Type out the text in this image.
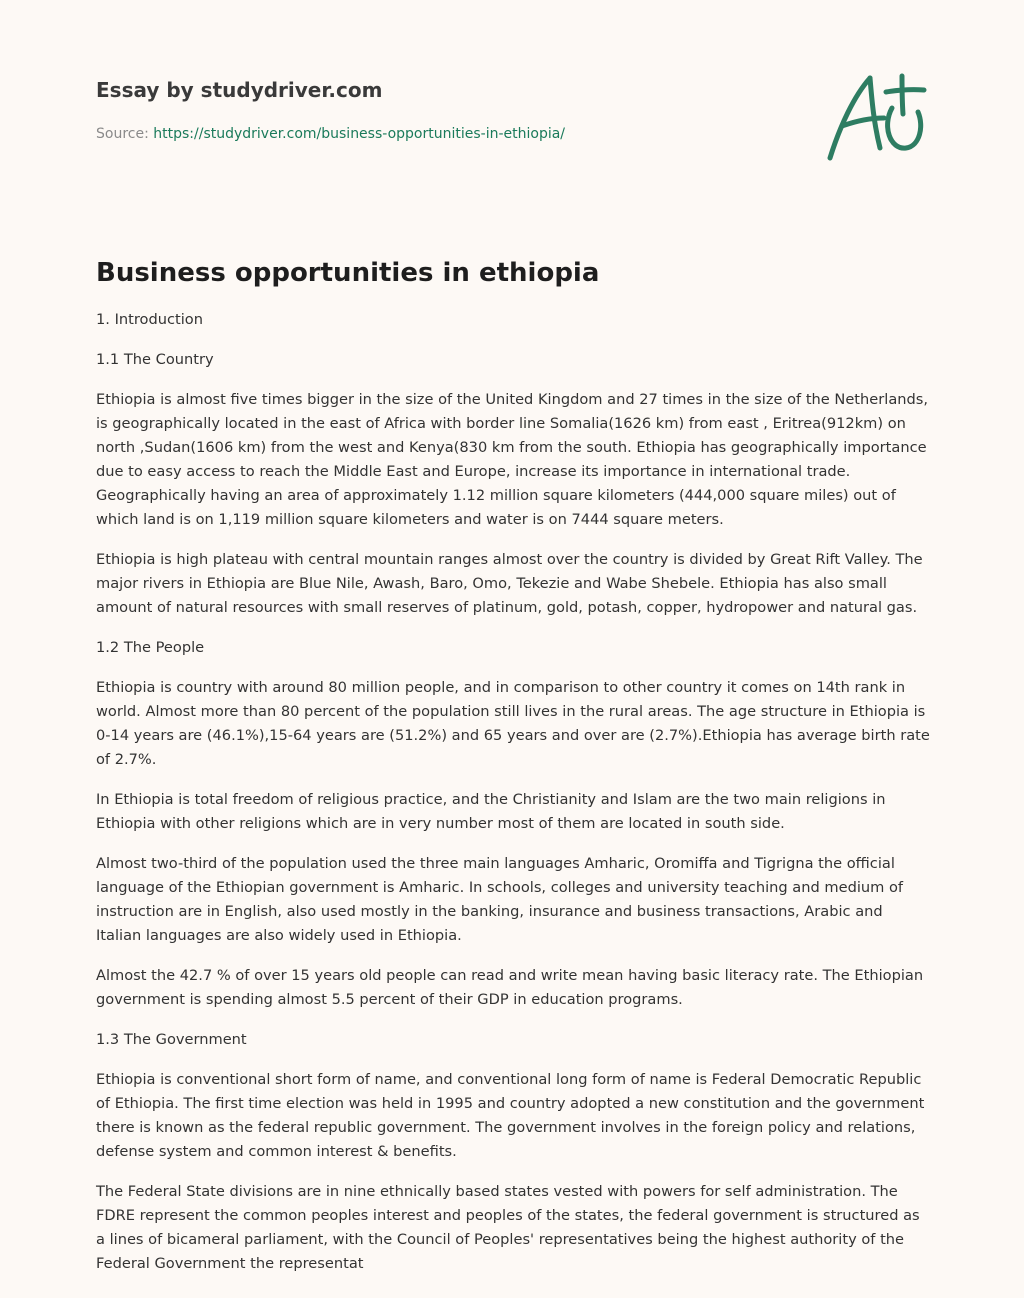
Essay by studydriver.com

Source: https://studydriver.com/business-opportunities-in-ethiopia/
Business opportunities in ethiopia

1. Introduction

1.1 The Country

Ethiopia is almost five times bigger in the size of the United Kingdom and 27 times in the size of the Netherlands, is geographically located in the east of Africa with border line Somalia(1626 km) from east , Eritrea(912km) on north ,Sudan(1606 km) from the west and Kenya(830 km from the south. Ethiopia has geographically importance due to easy access to reach the Middle East and Europe, increase its importance in international trade. Geographically having an area of approximately 1.12 million square kilometers (444,000 square miles) out of which land is on 1,119 million square kilometers and water is on 7444 square meters.

Ethiopia is high plateau with central mountain ranges almost over the country is divided by Great Rift Valley. The major rivers in Ethiopia are Blue Nile, Awash, Baro, Omo, Tekezie and Wabe Shebele. Ethiopia has also small amount of natural resources with small reserves of platinum, gold, potash, copper, hydropower and natural gas.

1.2 The People

Ethiopia is country with around 80 million people, and in comparison to other country it comes on 14th rank in world. Almost more than 80 percent of the population still lives in the rural areas. The age structure in Ethiopia is 0-14 years are (46.1%),15-64 years are (51.2%) and 65 years and over are (2.7%).Ethiopia has average birth rate of 2.7%.

In Ethiopia is total freedom of religious practice, and the Christianity and Islam are the two main religions in Ethiopia with other religions which are in very number most of them are located in south side.

Almost two-third of the population used the three main languages Amharic, Oromiffa and Tigrigna the official language of the Ethiopian government is Amharic. In schools, colleges and university teaching and medium of instruction are in English, also used mostly in the banking, insurance and business transactions, Arabic and Italian languages are also widely used in Ethiopia.

Almost the 42.7 % of over 15 years old people can read and write mean having basic literacy rate. The Ethiopian government is spending almost 5.5 percent of their GDP in education programs.

1.3 The Government

Ethiopia is conventional short form of name, and conventional long form of name is Federal Democratic Republic of Ethiopia. The first time election was held in 1995 and country adopted a new constitution and the government there is known as the federal republic government. The government involves in the foreign policy and relations, defense system and common interest & benefits.

The Federal State divisions are in nine ethnically based states vested with powers for self administration. The FDRE represent the common peoples interest and peoples of the states, the federal government is structured as a lines of bicameral parliament, with the Council of Peoples' representatives being the highest authority of the Federal Government the representat
